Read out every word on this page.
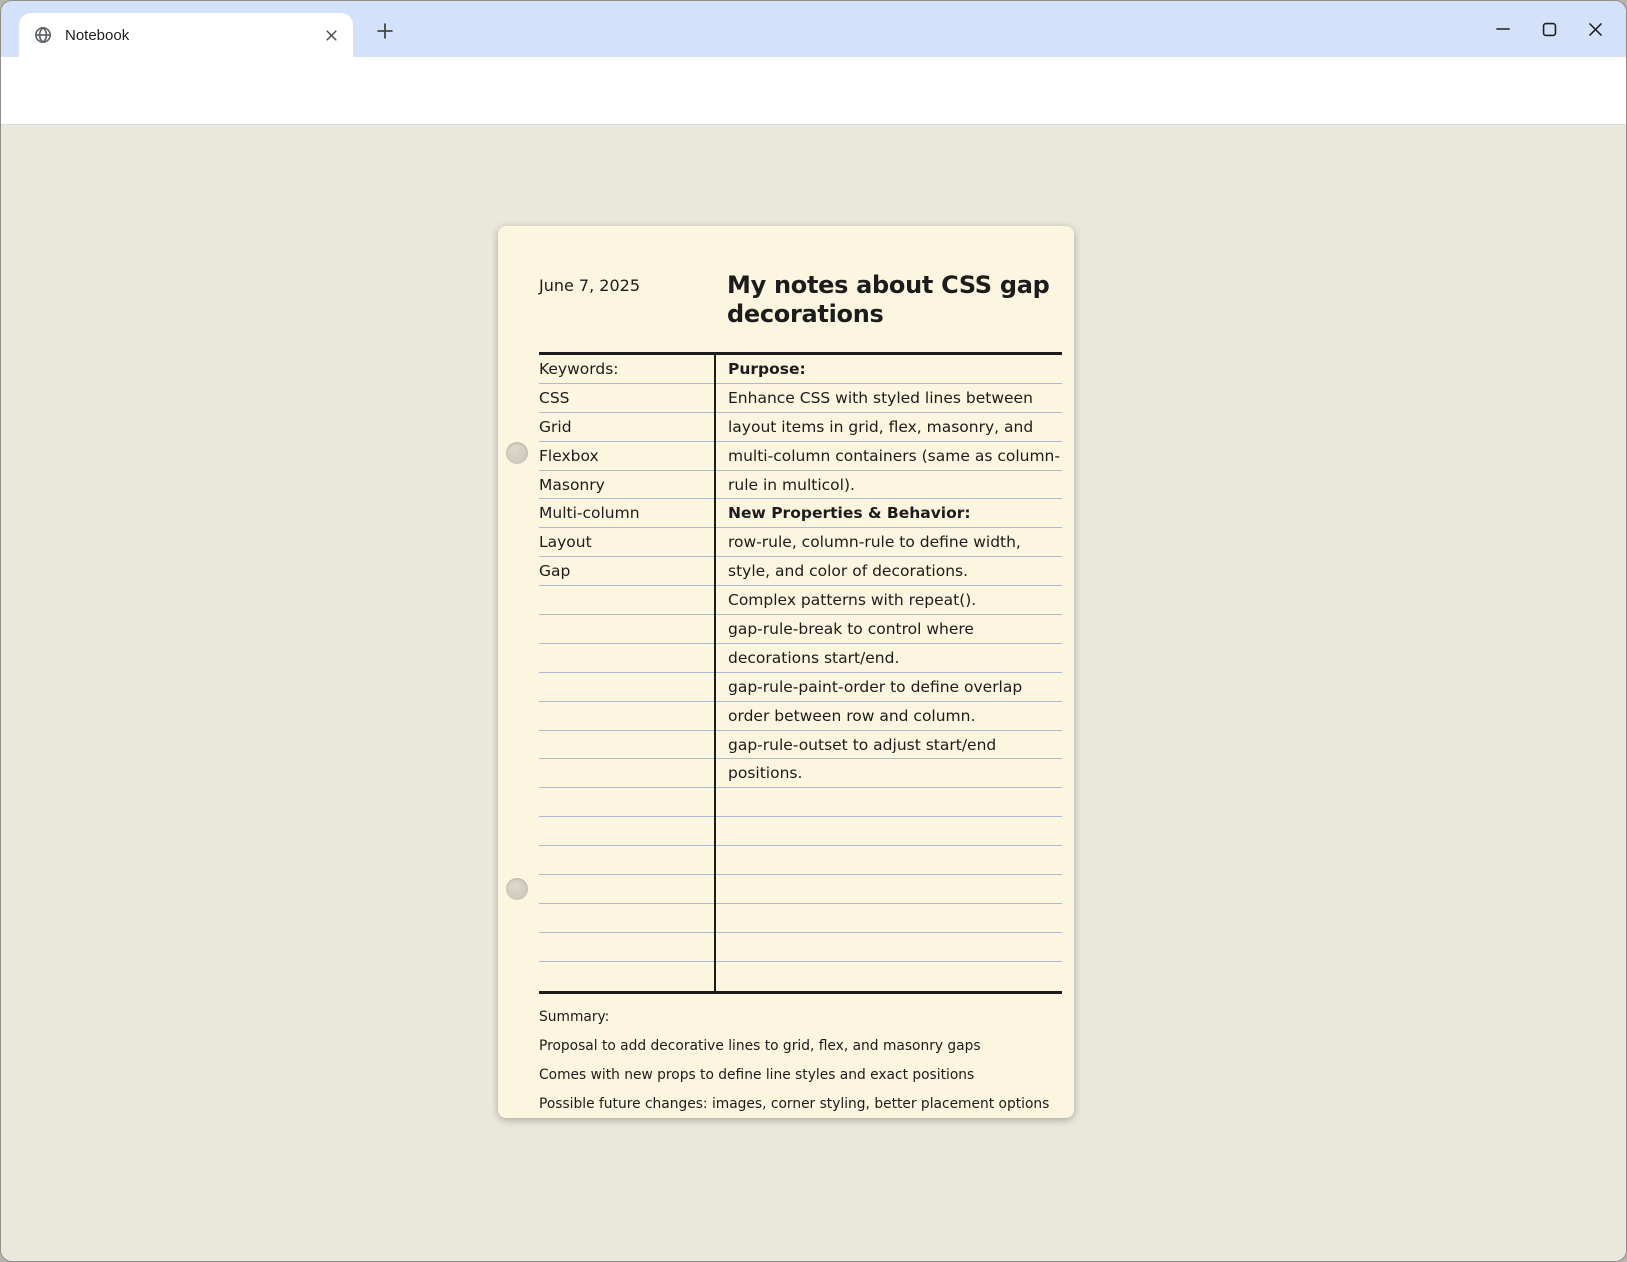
Notebook
June 7, 2025	My notes about CSS gap decorations
Keywords:
CSS
Grid
Flexbox
Masonry
Multi-column
Layout
Gap
Purpose:
Enhance CSS with styled lines between
layout items in grid, flex, masonry, and
multi-column containers (same as column-
rule in multicol).
New Properties & Behavior:
row-rule, column-rule to define width,
style, and color of decorations.
Complex patterns with repeat().
gap-rule-break to control where
decorations start/end.
gap-rule-paint-order to define overlap
order between row and column.
gap-rule-outset to adjust start/end
positions.
Summary:
Proposal to add decorative lines to grid, flex, and masonry gaps
Comes with new props to define line styles and exact positions
Possible future changes: images, corner styling, better placement options
